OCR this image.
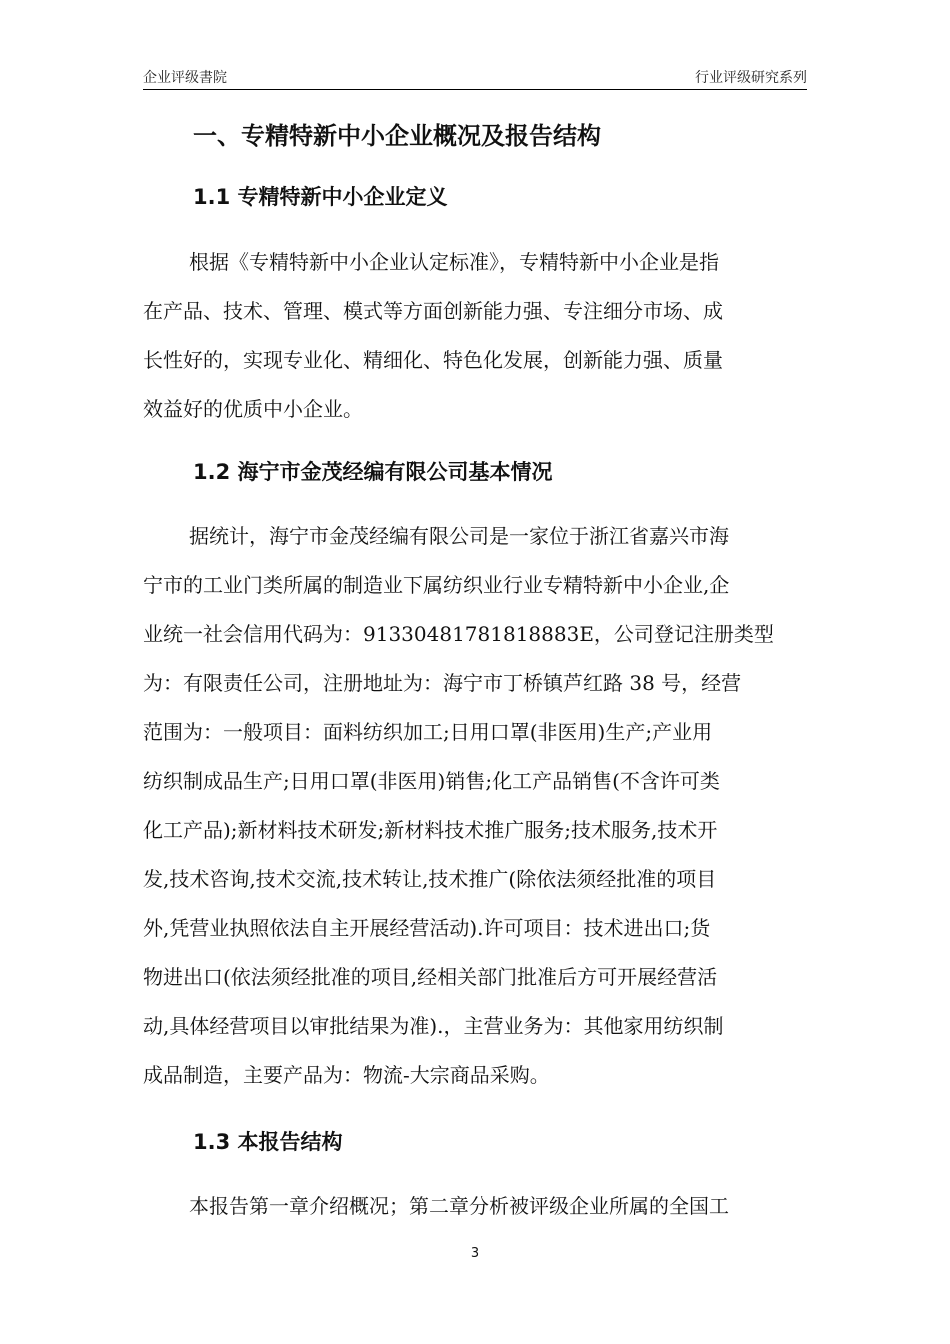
企业评级書院	行业评级研究系列
一、专精特新中小企业概况及报告结构
1.1 专精特新中小企业定义
根据《专精特新中小企业认定标准》，专精特新中小企业是指
在产品、技术、管理、模式等方面创新能力强、专注细分市场、成
长性好的，实现专业化、精细化、特色化发展，创新能力强、质量
效益好的优质中小企业。
1.2 海宁市金茂经编有限公司基本情况
据统计，海宁市金茂经编有限公司是一家位于浙江省嘉兴市海
宁市的工业门类所属的制造业下属纺织业行业专精特新中小企业,企
业统一社会信用代码为：91330481781818883E，公司登记注册类型
为：有限责任公司，注册地址为：海宁市丁桥镇芦红路 38 号，经营
范围为：一般项目：面料纺织加工;日用口罩(非医用)生产;产业用
纺织制成品生产;日用口罩(非医用)销售;化工产品销售(不含许可类
化工产品);新材料技术研发;新材料技术推广服务;技术服务,技术开
发,技术咨询,技术交流,技术转让,技术推广(除依法须经批准的项目
外,凭营业执照依法自主开展经营活动).许可项目：技术进出口;货
物进出口(依法须经批准的项目,经相关部门批准后方可开展经营活
动,具体经营项目以审批结果为准).，主营业务为：其他家用纺织制
成品制造，主要产品为：物流-大宗商品采购。
1.3 本报告结构
本报告第一章介绍概况；第二章分析被评级企业所属的全国工
3
